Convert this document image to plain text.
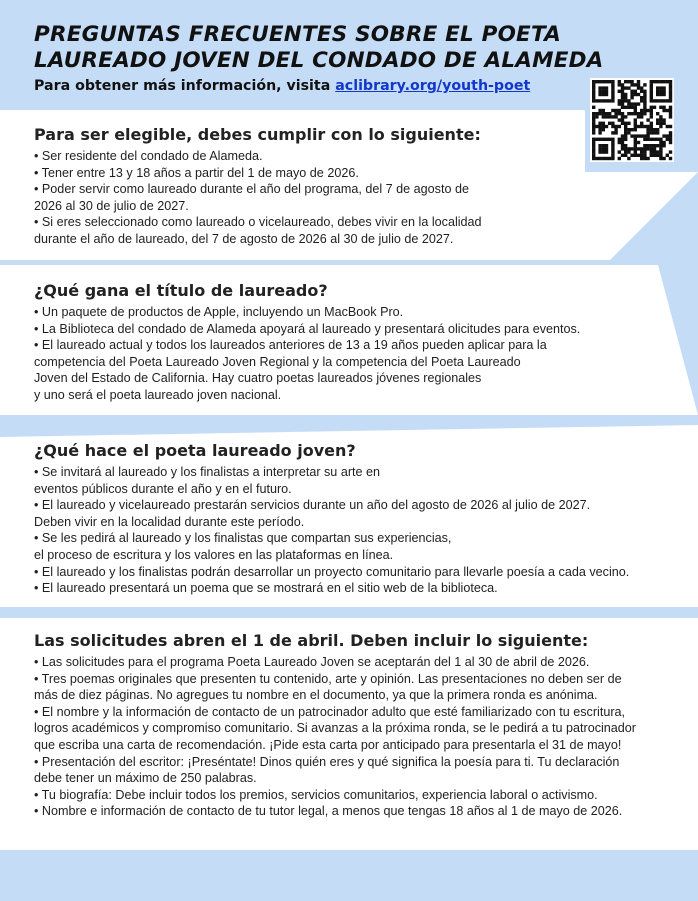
PREGUNTAS FRECUENTES SOBRE EL POETA
LAUREADO JOVEN DEL CONDADO DE ALAMEDA
Para obtener más información, visita aclibrary.org/youth-poet
Para ser elegible, debes cumplir con lo siguiente:
• Ser residente del condado de Alameda.
• Tener entre 13 y 18 años a partir del 1 de mayo de 2026.
• Poder servir como laureado durante el año del programa, del 7 de agosto de
2026 al 30 de julio de 2027.
• Si eres seleccionado como laureado o vicelaureado, debes vivir en la localidad
durante el año de laureado, del 7 de agosto de 2026 al 30 de julio de 2027.
¿Qué gana el título de laureado?
• Un paquete de productos de Apple, incluyendo un MacBook Pro.
• La Biblioteca del condado de Alameda apoyará al laureado y presentará olicitudes para eventos.
• El laureado actual y todos los laureados anteriores de 13 a 19 años pueden aplicar para la
competencia del Poeta Laureado Joven Regional y la competencia del Poeta Laureado
Joven del Estado de California. Hay cuatro poetas laureados jóvenes regionales
y uno será el poeta laureado joven nacional.
¿Qué hace el poeta laureado joven?
• Se invitará al laureado y los finalistas a interpretar su arte en
eventos públicos durante el año y en el futuro.
• El laureado y vicelaureado prestarán servicios durante un año del agosto de 2026 al julio de 2027.
Deben vivir en la localidad durante este período.
• Se les pedirá al laureado y los finalistas que compartan sus experiencias,
el proceso de escritura y los valores en las plataformas en línea.
• El laureado y los finalistas podrán desarrollar un proyecto comunitario para llevarle poesía a cada vecino.
• El laureado presentará un poema que se mostrará en el sitio web de la biblioteca.
Las solicitudes abren el 1 de abril. Deben incluir lo siguiente:
• Las solicitudes para el programa Poeta Laureado Joven se aceptarán del 1 al 30 de abril de 2026.
• Tres poemas originales que presenten tu contenido, arte y opinión. Las presentaciones no deben ser de
más de diez páginas. No agregues tu nombre en el documento, ya que la primera ronda es anónima.
• El nombre y la información de contacto de un patrocinador adulto que esté familiarizado con tu escritura,
logros académicos y compromiso comunitario. Si avanzas a la próxima ronda, se le pedirá a tu patrocinador
que escriba una carta de recomendación. ¡Pide esta carta por anticipado para presentarla el 31 de mayo!
• Presentación del escritor: ¡Preséntate! Dinos quién eres y qué significa la poesía para ti. Tu declaración
debe tener un máximo de 250 palabras.
• Tu biografía: Debe incluir todos los premios, servicios comunitarios, experiencia laboral o activismo.
• Nombre e información de contacto de tu tutor legal, a menos que tengas 18 años al 1 de mayo de 2026.
